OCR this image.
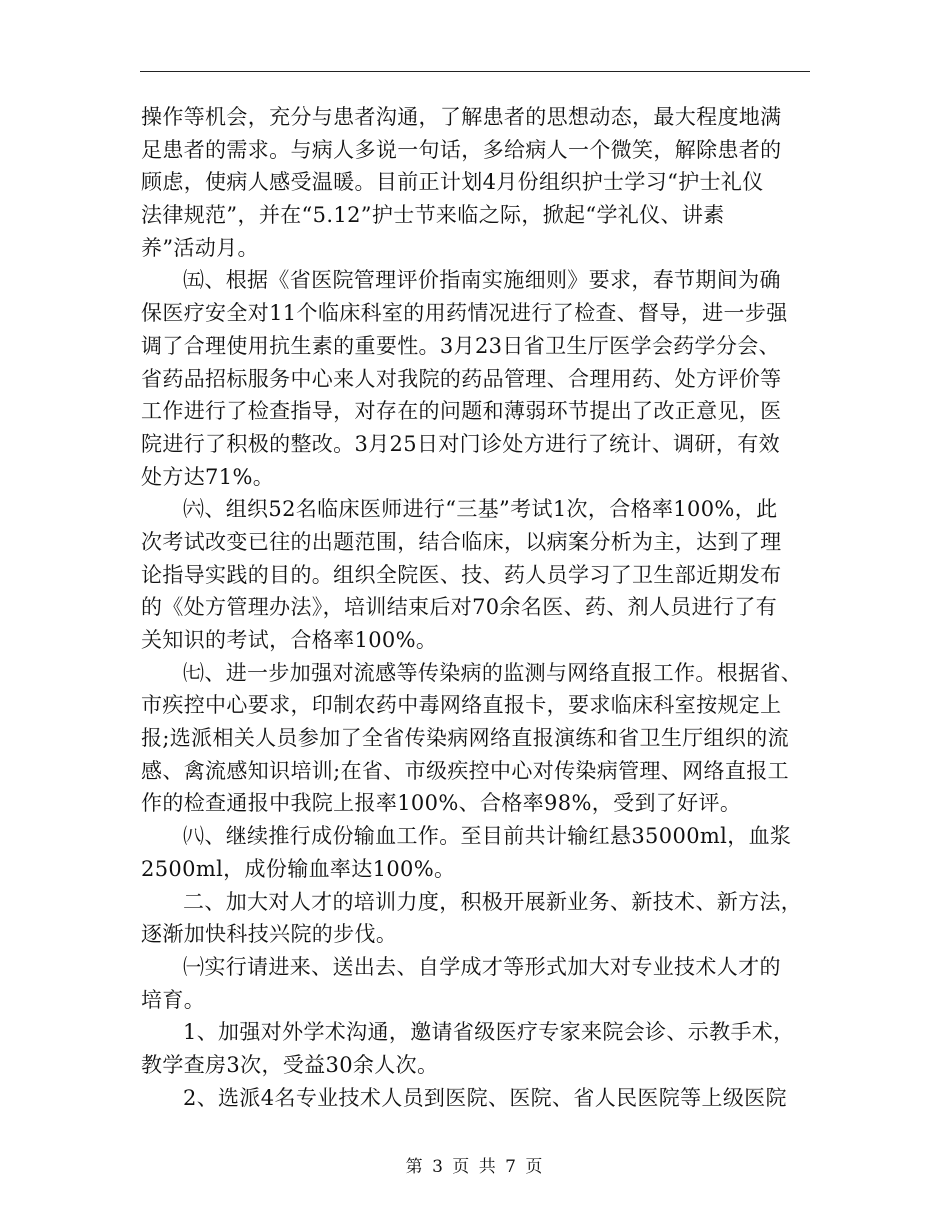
操作等机会，充分与患者沟通，了解患者的思想动态，最大程度地满
足患者的需求。与病人多说一句话，多给病人一个微笑，解除患者的
顾虑，使病人感受温暖。目前正计划4月份组织护士学习“护士礼仪
法律规范”，并在“5.12”护士节来临之际，掀起“学礼仪、讲素
养”活动月。
㈤、根据《省医院管理评价指南实施细则》要求，春节期间为确
保医疗安全对11个临床科室的用药情况进行了检查、督导，进一步强
调了合理使用抗生素的重要性。3月23日省卫生厅医学会药学分会、
省药品招标服务中心来人对我院的药品管理、合理用药、处方评价等
工作进行了检查指导，对存在的问题和薄弱环节提出了改正意见，医
院进行了积极的整改。3月25日对门诊处方进行了统计、调研，有效
处方达71%。
㈥、组织52名临床医师进行“三基”考试1次，合格率100%，此
次考试改变已往的出题范围，结合临床，以病案分析为主，达到了理
论指导实践的目的。组织全院医、技、药人员学习了卫生部近期发布
的《处方管理办法》，培训结束后对70余名医、药、剂人员进行了有
关知识的考试，合格率100%。
㈦、进一步加强对流感等传染病的监测与网络直报工作。根据省、
市疾控中心要求，印制农药中毒网络直报卡，要求临床科室按规定上
报;选派相关人员参加了全省传染病网络直报演练和省卫生厅组织的流
感、禽流感知识培训;在省、市级疾控中心对传染病管理、网络直报工
作的检查通报中我院上报率100%、合格率98%，受到了好评。
㈧、继续推行成份输血工作。至目前共计输红悬35000ml，血浆
2500ml，成份输血率达100%。
二、加大对人才的培训力度，积极开展新业务、新技术、新方法，
逐渐加快科技兴院的步伐。
㈠实行请进来、送出去、自学成才等形式加大对专业技术人才的
培育。
1、加强对外学术沟通，邀请省级医疗专家来院会诊、示教手术，
教学查房3次，受益30余人次。
2、选派4名专业技术人员到医院、医院、省人民医院等上级医院
第 3 页 共 7 页
